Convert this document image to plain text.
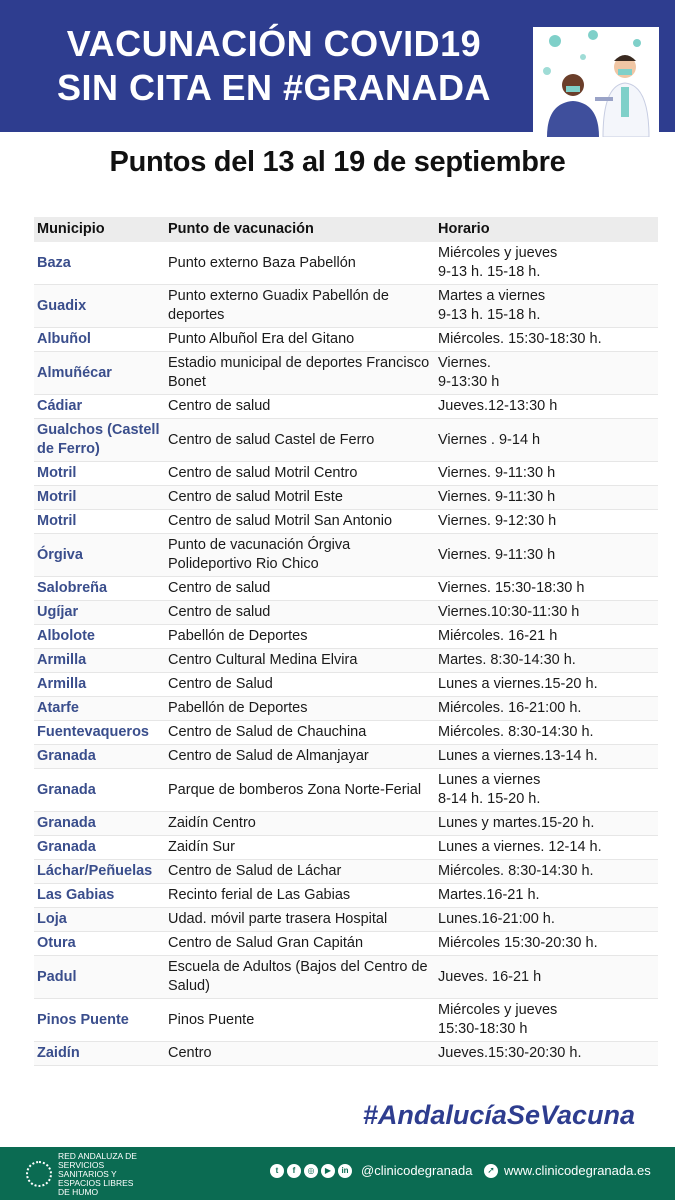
VACUNACIÓN COVID19
SIN CITA EN #GRANADA
Puntos del 13 al 19 de septiembre
Municipio	Punto de vacunación	Horario
Baza	Punto externo Baza Pabellón	Miércoles y jueves
9-13 h. 15-18 h.
Guadix	Punto externo Guadix Pabellón de deportes	Martes a viernes
9-13 h. 15-18 h.
Albuñol	Punto Albuñol Era del Gitano	Miércoles. 15:30-18:30 h.
Almuñécar	Estadio municipal de deportes Francisco Bonet	Viernes.
9-13:30 h
Cádiar	Centro de salud	Jueves.12-13:30 h
Gualchos (Castell de Ferro)	Centro de salud Castel de Ferro	Viernes . 9-14 h
Motril	Centro de salud Motril Centro	Viernes. 9-11:30 h
Motril	Centro de salud Motril Este	Viernes. 9-11:30 h
Motril	Centro de salud Motril San Antonio	Viernes. 9-12:30 h
Órgiva	Punto de vacunación Órgiva Polideportivo Rio Chico	Viernes. 9-11:30 h
Salobreña	Centro de salud	Viernes. 15:30-18:30 h
Ugíjar	Centro de salud	Viernes.10:30-11:30 h
Albolote	Pabellón de Deportes	Miércoles. 16-21 h
Armilla	Centro Cultural Medina Elvira	Martes. 8:30-14:30 h.
Armilla	Centro de Salud	Lunes a viernes.15-20 h.
Atarfe	Pabellón de Deportes	Miércoles. 16-21:00 h.
Fuentevaqueros	Centro de Salud de Chauchina	Miércoles. 8:30-14:30 h.
Granada	Centro de Salud de Almanjayar	Lunes a viernes.13-14 h.
Granada	Parque de bomberos Zona Norte-Ferial	Lunes a viernes
8-14 h. 15-20 h.
Granada	Zaidín Centro	Lunes y martes.15-20 h.
Granada	Zaidín Sur	Lunes a viernes. 12-14 h.
Láchar/Peñuelas	Centro de Salud de Láchar	Miércoles. 8:30-14:30 h.
Las Gabias	Recinto ferial de Las Gabias	Martes.16-21 h.
Loja	Udad. móvil parte trasera Hospital	Lunes.16-21:00 h.
Otura	Centro de Salud Gran Capitán	Miércoles 15:30-20:30 h.
Padul	Escuela de Adultos (Bajos del Centro de Salud)	Jueves. 16-21 h
Pinos Puente	Pinos Puente	Miércoles y jueves
15:30-18:30 h
Zaidín	Centro	Jueves.15:30-20:30 h.
#AndalucíaSeVacuna
RED ANDALUZA DE SERVICIOS SANITARIOS Y ESPACIOS LIBRES DE HUMO
t	f	◎	▶	in @clinicodegranada	➚ www.clinicodegranada.es
